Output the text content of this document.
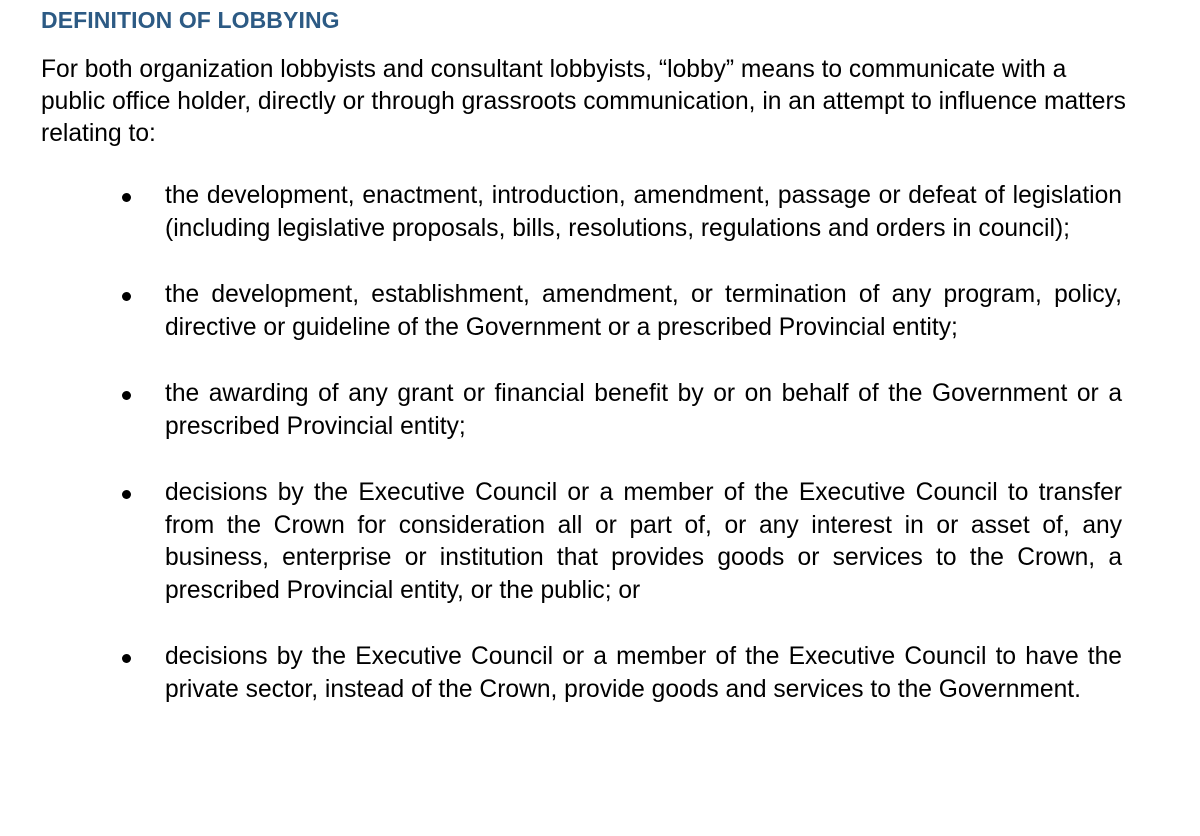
DEFINITION OF LOBBYING

For both organization lobbyists and consultant lobbyists, “lobby” means to communicate with a public office holder, directly or through grassroots communication, in an attempt to influence matters relating to:

the development, enactment, introduction, amendment, passage or defeat of legislation (including legislative proposals, bills, resolutions, regulations and orders in council);

the development, establishment, amendment, or termination of any program, policy, directive or guideline of the Government or a prescribed Provincial entity;

the awarding of any grant or financial benefit by or on behalf of the Government or a prescribed Provincial entity;

decisions by the Executive Council or a member of the Executive Council to transfer from the Crown for consideration all or part of, or any interest in or asset of, any business, enterprise or institution that provides goods or services to the Crown, a prescribed Provincial entity, or the public; or

decisions by the Executive Council or a member of the Executive Council to have the private sector, instead of the Crown, provide goods and services to the Government.
